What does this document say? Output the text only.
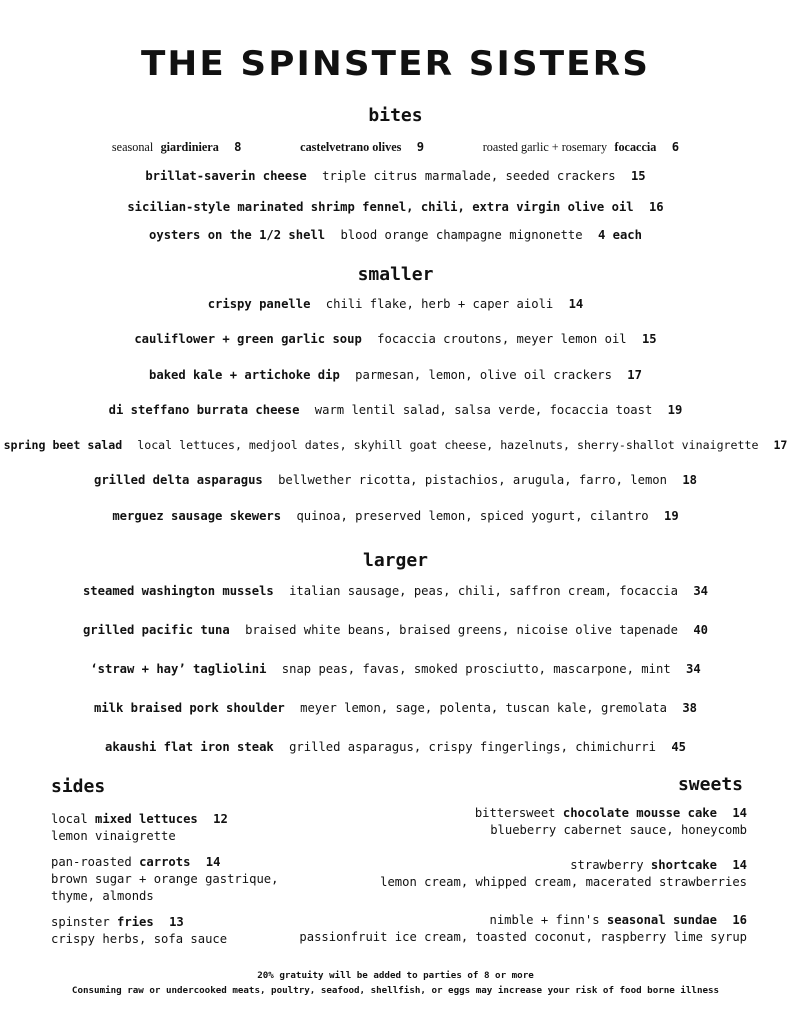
THE SPINSTER SISTERS
bites
seasonal giardiniera 8	castelvetrano olives 9	roasted garlic + rosemary focaccia 6
brillat-saverin cheese triple citrus marmalade, seeded crackers 15
sicilian-style marinated shrimp fennel, chili, extra virgin olive oil 16
oysters on the 1/2 shell blood orange champagne mignonette 4 each
smaller
crispy panelle chili flake, herb + caper aioli 14
cauliflower + green garlic soup focaccia croutons, meyer lemon oil 15
baked kale + artichoke dip parmesan, lemon, olive oil crackers 17
di steffano burrata cheese warm lentil salad, salsa verde, focaccia toast 19
spring beet salad local lettuces, medjool dates, skyhill goat cheese, hazelnuts, sherry-shallot vinaigrette 17
grilled delta asparagus bellwether ricotta, pistachios, arugula, farro, lemon 18
merguez sausage skewers quinoa, preserved lemon, spiced yogurt, cilantro 19
larger
steamed washington mussels italian sausage, peas, chili, saffron cream, focaccia 34
grilled pacific tuna braised white beans, braised greens, nicoise olive tapenade 40
‘straw + hay’ tagliolini snap peas, favas, smoked prosciutto, mascarpone, mint 34
milk braised pork shoulder meyer lemon, sage, polenta, tuscan kale, gremolata 38
akaushi flat iron steak grilled asparagus, crispy fingerlings, chimichurri 45
sides
local mixed lettuces 12
lemon vinaigrette
pan-roasted carrots 14
brown sugar + orange gastrique,
thyme, almonds
spinster fries 13
crispy herbs, sofa sauce
sweets
bittersweet chocolate mousse cake 14
blueberry cabernet sauce, honeycomb
strawberry shortcake 14
lemon cream, whipped cream, macerated strawberries
nimble + finn's seasonal sundae 16
passionfruit ice cream, toasted coconut, raspberry lime syrup
20% gratuity will be added to parties of 8 or more
Consuming raw or undercooked meats, poultry, seafood, shellfish, or eggs may increase your risk of food borne illness
